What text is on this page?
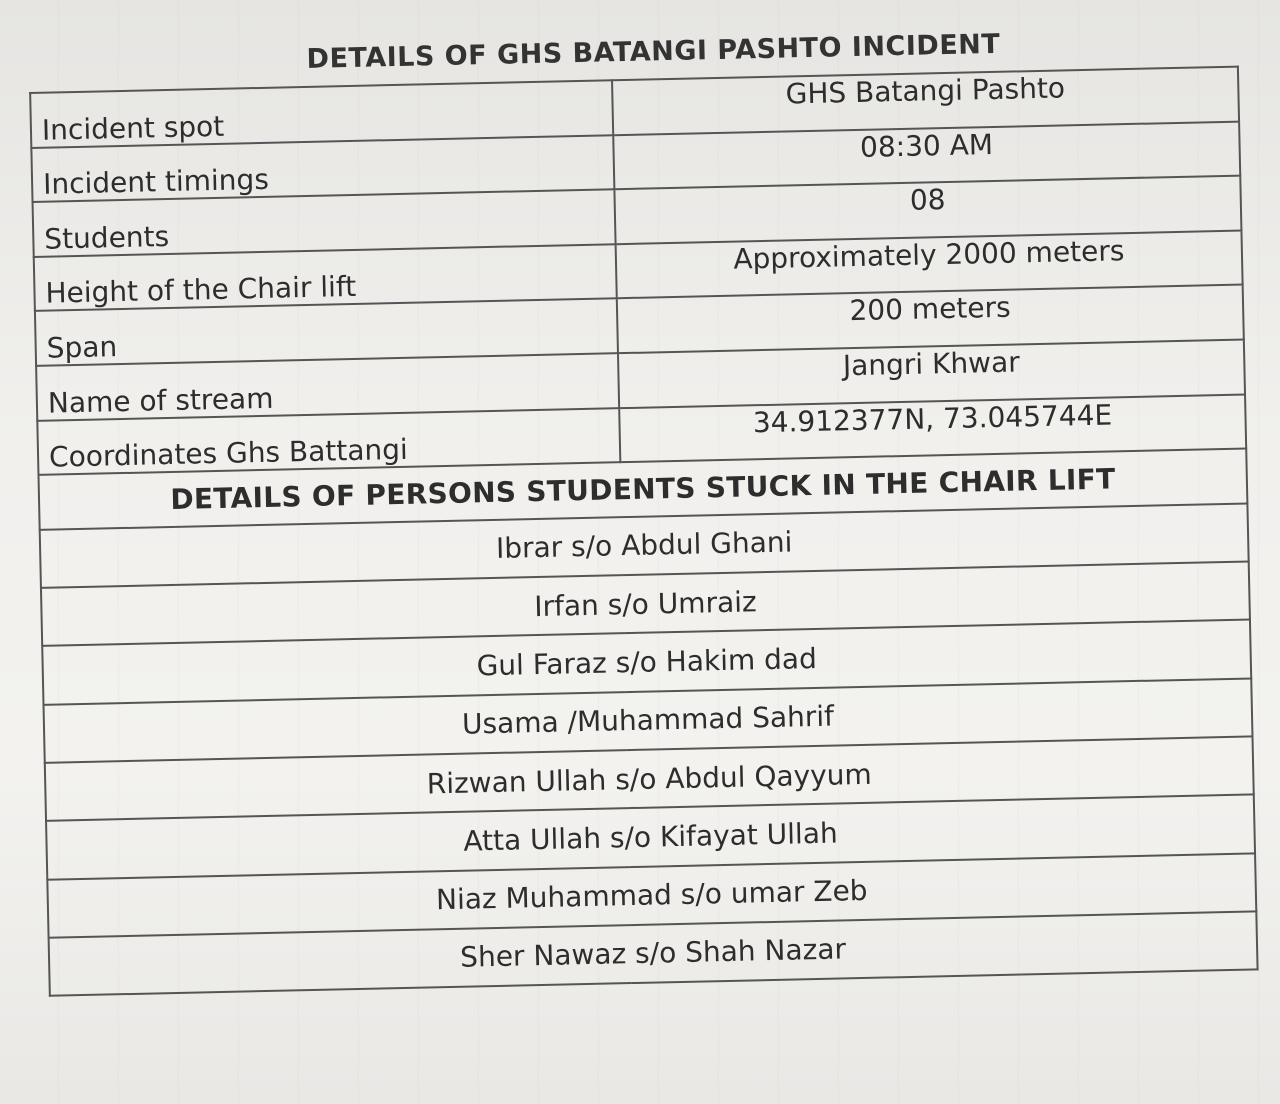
DETAILS OF GHS BATANGI PASHTO INCIDENT
Incident spot	GHS Batangi Pashto
Incident timings	08:30 AM
Students	08
Height of the Chair lift	Approximately 2000 meters
Span	200 meters
Name of stream	Jangri Khwar
Coordinates Ghs Battangi	34.912377N, 73.045744E
DETAILS OF PERSONS STUDENTS STUCK IN THE CHAIR LIFT	
Ibrar s/o Abdul Ghani	
Irfan s/o Umraiz	
Gul Faraz s/o Hakim dad	
Usama /Muhammad Sahrif	
Rizwan Ullah s/o Abdul Qayyum	
Atta Ullah s/o Kifayat Ullah	
Niaz Muhammad s/o umar Zeb	
Sher Nawaz s/o Shah Nazar	
